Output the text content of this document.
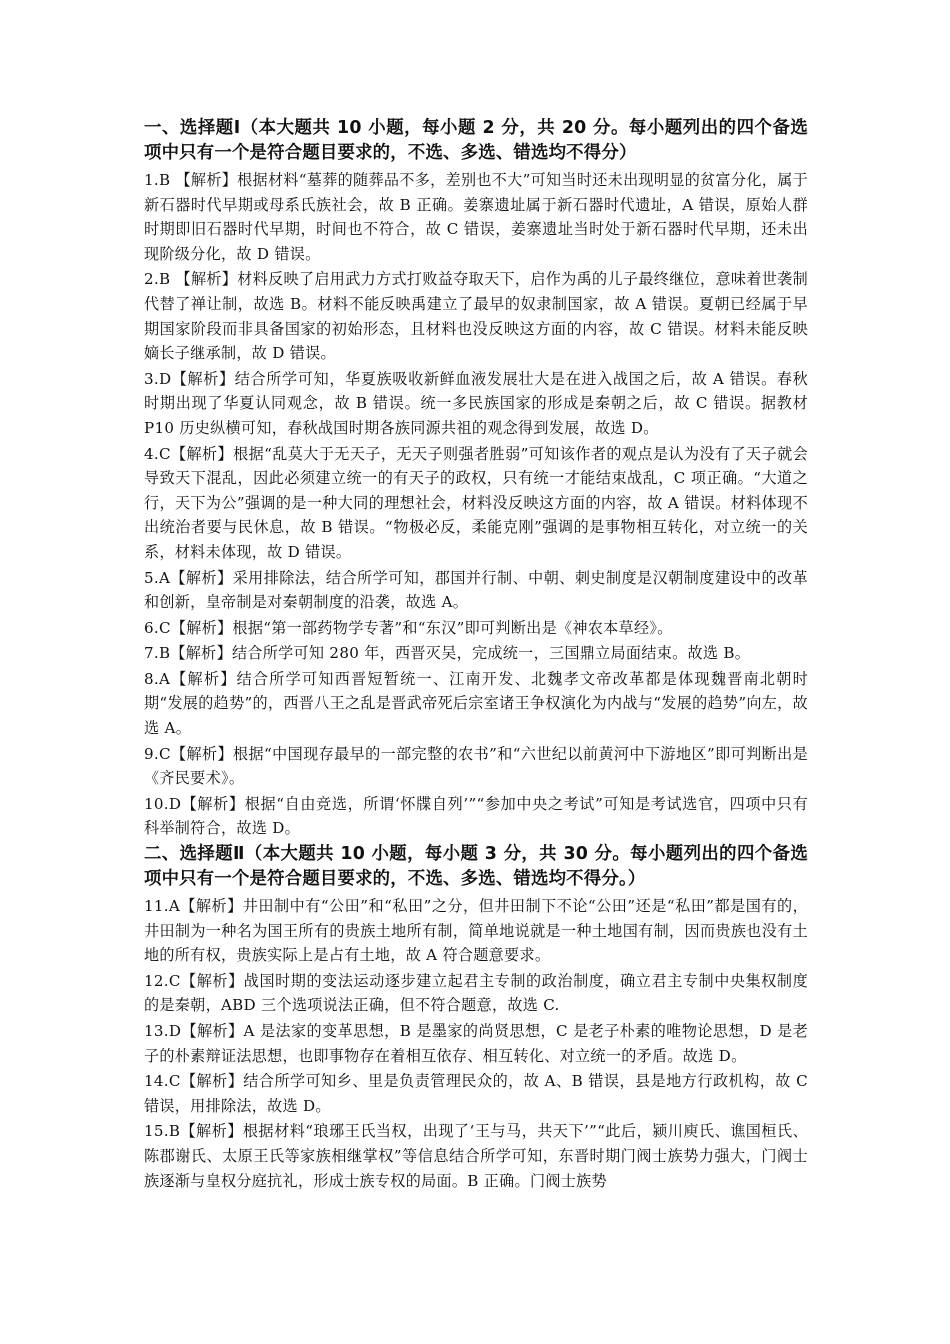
一、选择题Ⅰ（本大题共 10 小题，每小题 2 分，共 20 分。每小题列出的四个备选项中只有一个是符合题目要求的，不选、多选、错选均不得分）
1.B 【解析】根据材料“墓葬的随葬品不多，差别也不大”可知当时还未出现明显的贫富分化，属于新石器时代早期或母系氏族社会，故 B 正确。姜寨遗址属于新石器时代遗址，A 错误，原始人群时期即旧石器时代早期，时间也不符合，故 C 错误，姜寨遗址当时处于新石器时代早期，还未出现阶级分化，故 D 错误。
2.B 【解析】材料反映了启用武力方式打败益夺取天下，启作为禹的儿子最终继位，意味着世袭制代替了禅让制，故选 B。材料不能反映禹建立了最早的奴隶制国家，故 A 错误。夏朝已经属于早期国家阶段而非具备国家的初始形态，且材料也没反映这方面的内容，故 C 错误。材料未能反映嫡长子继承制，故 D 错误。
3.D【解析】结合所学可知，华夏族吸收新鲜血液发展壮大是在进入战国之后，故 A 错误。春秋时期出现了华夏认同观念，故 B 错误。统一多民族国家的形成是秦朝之后，故 C 错误。据教材 P10 历史纵横可知，春秋战国时期各族同源共祖的观念得到发展，故选 D。
4.C【解析】根据“乱莫大于无天子，无天子则强者胜弱”可知该作者的观点是认为没有了天子就会导致天下混乱，因此必须建立统一的有天子的政权，只有统一才能结束战乱，C 项正确。“大道之行，天下为公”强调的是一种大同的理想社会，材料没反映这方面的内容，故 A 错误。材料体现不出统治者要与民休息，故 B 错误。“物极必反，柔能克刚”强调的是事物相互转化，对立统一的关系，材料未体现，故 D 错误。
5.A【解析】采用排除法，结合所学可知，郡国并行制、中朝、刺史制度是汉朝制度建设中的改革和创新，皇帝制是对秦朝制度的沿袭，故选 A。
6.C【解析】根据“第一部药物学专著”和“东汉”即可判断出是《神农本草经》。
7.B【解析】结合所学可知 280 年，西晋灭吴，完成统一，三国鼎立局面结束。故选 B。
8.A【解析】结合所学可知西晋短暂统一、江南开发、北魏孝文帝改革都是体现魏晋南北朝时期“发展的趋势”的，西晋八王之乱是晋武帝死后宗室诸王争权演化为内战与“发展的趋势”向左，故选 A。
9.C【解析】根据“中国现存最早的一部完整的农书”和“六世纪以前黄河中下游地区”即可判断出是《齐民要术》。
10.D【解析】根据“自由竞选，所谓‘怀牒自列’”“参加中央之考试”可知是考试选官，四项中只有科举制符合，故选 D。
二、选择题Ⅱ（本大题共 10 小题，每小题 3 分，共 30 分。每小题列出的四个备选项中只有一个是符合题目要求的，不选、多选、错选均不得分。）
11.A【解析】井田制中有“公田”和“私田”之分，但井田制下不论“公田”还是“私田”都是国有的，井田制为一种名为国王所有的贵族土地所有制，简单地说就是一种土地国有制，因而贵族也没有土地的所有权，贵族实际上是占有土地，故 A 符合题意要求。
12.C【解析】战国时期的变法运动逐步建立起君主专制的政治制度，确立君主专制中央集权制度的是秦朝，ABD 三个选项说法正确，但不符合题意，故选 C.
13.D【解析】A 是法家的变革思想，B 是墨家的尚贤思想，C 是老子朴素的唯物论思想，D 是老子的朴素辩证法思想，也即事物存在着相互依存、相互转化、对立统一的矛盾。故选 D。
14.C【解析】结合所学可知乡、里是负责管理民众的，故 A、B 错误，县是地方行政机构，故 C 错误，用排除法，故选 D。
15.B【解析】根据材料“琅琊王氏当权，出现了‘王与马，共天下’”“此后，颍川庾氏、谯国桓氏、陈郡谢氏、太原王氏等家族相继掌权”等信息结合所学可知，东晋时期门阀士族势力强大，门阀士族逐渐与皇权分庭抗礼，形成士族专权的局面。B 正确。门阀士族势
